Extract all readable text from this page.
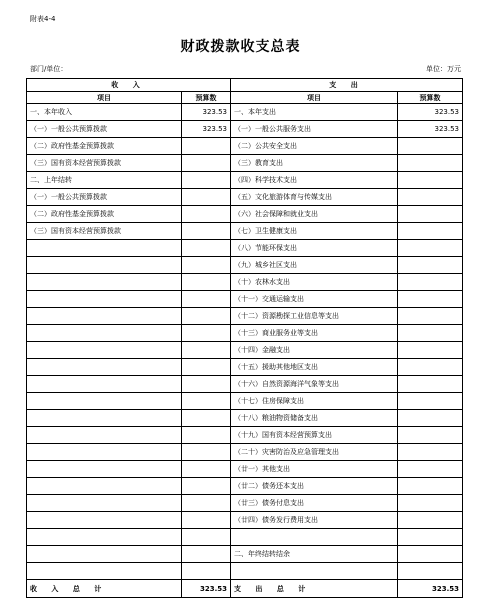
附表4-4
财政拨款收支总表
部门/单位：	单位：万元
收 入		支 出	
项目	预算数	项目	预算数
一、本年收入	323.53	一、本年支出	323.53
（一）一般公共预算拨款	323.53	（一）一般公共服务支出	323.53
（二）政府性基金预算拨款		（二）公共安全支出	
（三）国有资本经营预算拨款		（三）教育支出	
二、上年结转		（四）科学技术支出	
（一）一般公共预算拨款		（五）文化旅游体育与传媒支出	
（二）政府性基金预算拨款		（六）社会保障和就业支出	
（三）国有资本经营预算拨款		（七）卫生健康支出	
		（八）节能环保支出	
		（九）城乡社区支出	
		（十）农林水支出	
		（十一）交通运输支出	
		（十二）资源勘探工业信息等支出	
		（十三）商业服务业等支出	
		（十四）金融支出	
		（十五）援助其他地区支出	
		（十六）自然资源海洋气象等支出	
		（十七）住房保障支出	
		（十八）粮油物资储备支出	
		（十九）国有资本经营预算支出	
		（二十）灾害防治及应急管理支出	
		（廿一）其他支出	
		（廿二）债务还本支出	
		（廿三）债务付息支出	
		（廿四）债务发行费用支出	

		二、年终结转结余	

收 入 总 计	323.53	支 出 总 计	323.53
